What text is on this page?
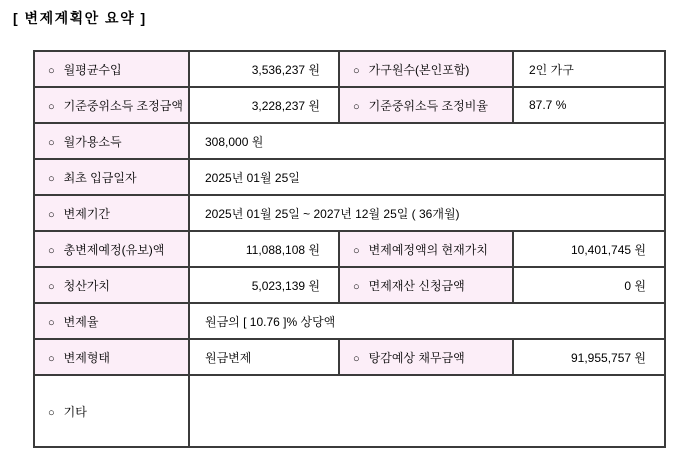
[ 변제계획안 요약 ]
○ 월평균수입	3,536,237 원	○ 가구원수(본인포함)	2인 가구
○ 기준중위소득 조정금액	3,228,237 원	○ 기준중위소득 조정비율	87.7 %
○ 월가용소득	308,000 원		
○ 최초 입금일자	2025년 01월 25일		
○ 변제기간	2025년 01월 25일 ~ 2027년 12월 25일 ( 36개월)		
○ 총변제예정(유보)액	11,088,108 원	○ 변제예정액의 현재가치	10,401,745 원
○ 청산가치	5,023,139 원	○ 면제재산 신청금액	0 원
○ 변제율	원금의 [ 10.76 ]% 상당액		
○ 변제형태	원금변제	○ 탕감예상 채무금액	91,955,757 원
○ 기타			
